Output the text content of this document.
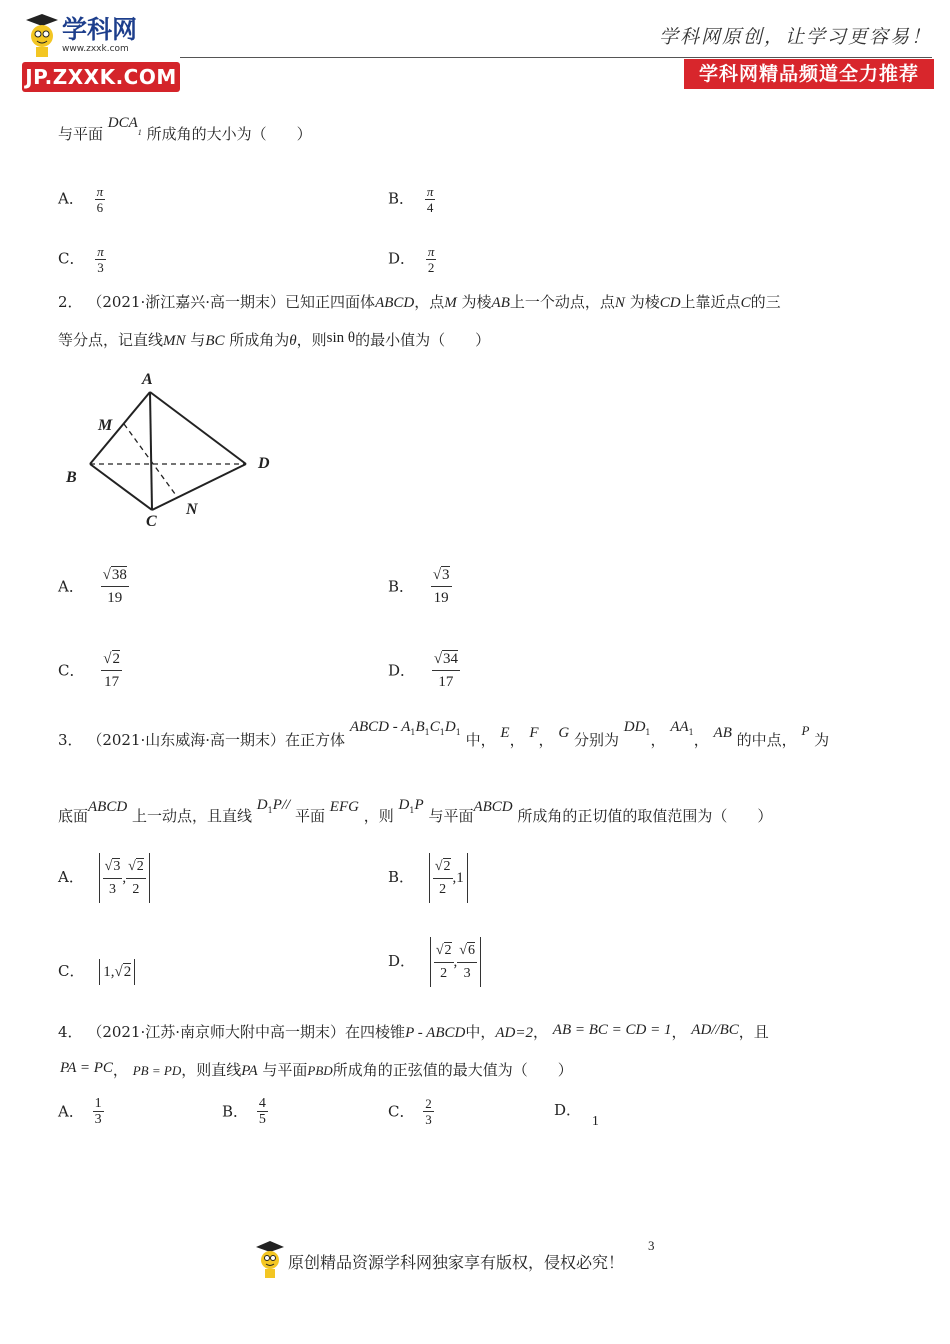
学科网
www.zxxk.com
JP.ZXXK.COM
学科网原创，让学习更容易！
学科网精品频道全力推荐
与平面 $DCA_1$ 所成角的大小为（　　）
A． $\frac{\pi}{6}$	B． $\frac{\pi}{4}$
C． $\frac{\pi}{3}$	D． $\frac{\pi}{2}$
2． （2021·浙江嘉兴·高一期末）已知正四面体ABCD，点M 为棱AB上一个动点，点N 为棱CD上靠近点C的三
等分点，记直线MN 与BC 所成角为θ，则sin θ的最小值为（　　）
A
M
B
D
C
N
A． $\frac{√38}{19}$	B． $\frac{√3}{19}$
C． $\frac{√2}{17}$	D． $\frac{√34}{17}$
3． （2021·山东威海·高一期末）在正方体 ABCD - $A_1B_1C_1D_1$ 中， E， F， G 分别为 $DD_1$， $AA_1$， AB 的中点， P 为
底面ABCD 上一动点，且直线 $D_1P//$ 平面 EFG ，则 $D_1P$ 与平面ABCD 所成角的正切值的取值范围为（　　）
A． $\frac{√3}{3}$ , $\frac{√2}{2}$	B． $\frac{√2}{2} ,1$
C． 1,√2
D． $\frac{√2}{2}$ , $\frac{√6}{3}$
4． （2021·江苏·南京师大附中高一期末）在四棱锥P - ABCD中，AD=2， AB = BC = CD = 1， AD//BC，且
PA = PC， PB = PD，则直线PA 与平面PBD所成角的正弦值的最大值为（　　）
A． $\frac{1}{3}$	B． $\frac{4}{5}$	C． $\frac{2}{3}$	D． 1
原创精品资源学科网独家享有版权，侵权必究！
3
